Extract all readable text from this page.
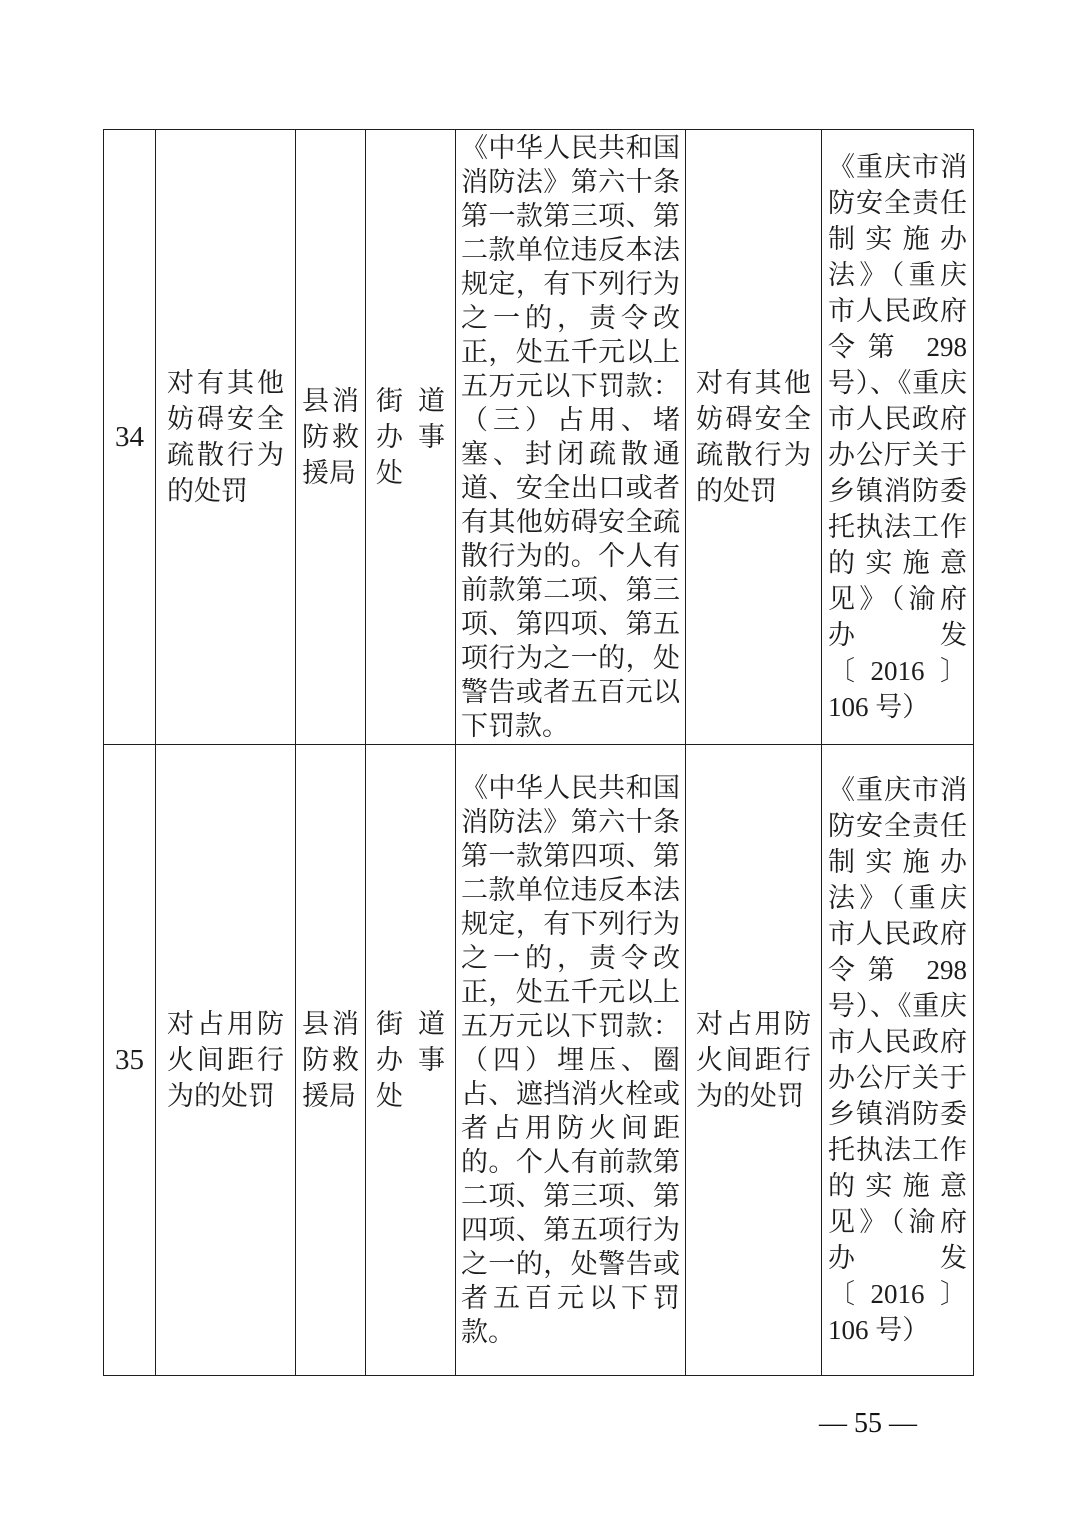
34	对有其他妨碍安全疏散行为的处罚	县消防救援局	街道办事处	《中华人民共和国消防法》第六十条第一款第三项、第二款单位违反本法规定，有下列行为之一的，责令改正，处五千元以上五万元以下罚款：（三）占用、堵塞、封闭疏散通道、安全出口或者有其他妨碍安全疏散行为的。个人有前款第二项、第三项、第四项、第五项行为之一的，处警告或者五百元以下罚款。	对有其他妨碍安全疏散行为的处罚	《重庆市消防安全责任制实施办法》（重庆市人民政府令第 298 号）、《重庆市人民政府办公厅关于乡镇消防委托执法工作的实施意见》（渝府办发〔2016〕106 号）
35	对占用防火间距行为的处罚	县消防救援局	街道办事处	《中华人民共和国消防法》第六十条第一款第四项、第二款单位违反本法规定，有下列行为之一的，责令改正，处五千元以上五万元以下罚款：（四）埋压、圈占、遮挡消火栓或者占用防火间距的。个人有前款第二项、第三项、第四项、第五项行为之一的，处警告或者五百元以下罚款。	对占用防火间距行为的处罚	《重庆市消防安全责任制实施办法》（重庆市人民政府令第 298 号）、《重庆市人民政府办公厅关于乡镇消防委托执法工作的实施意见》（渝府办发〔2016〕106 号）
— 55 —
